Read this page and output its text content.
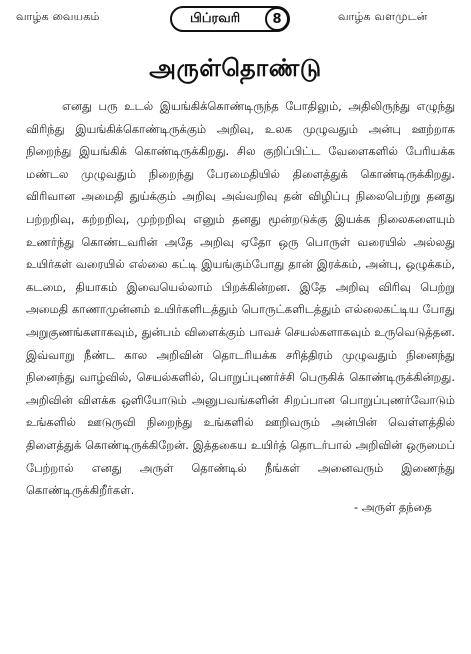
வாழ்க வையகம்	பிப்ரவரி	8	வாழ்க வளமுடன்
அருள்தொண்டு
எனது பரு உடல் இயங்கிக்கொண்டிருந்த போதிலும், அதிலிருந்து எழுந்து விரிந்து இயங்கிக்கொண்டிருக்கும் அறிவு, உலக முழுவதும் அன்பு ஊற்றாக நிறைந்து இயங்கிக் கொண்டிருக்கிறது. சில குறிப்பிட்ட வேளைகளில் பேரியக்க மண்டல முழுவதும் நிறைந்து பேரமைதியில் திளைத்துக் கொண்டிருக்கிறது. விரிவான அமைதி துய்க்கும் அறிவு அவ்வறிவு தன் விழிப்பு நிலைபெற்று தனது பற்றறிவு, கற்றறிவு, முற்றறிவு எனும் தனது மூன்றடுக்கு இயக்க நிலைகளையும் உணர்ந்து கொண்டவரின் அதே அறிவு ஏதோ ஒரு பொருள் வரையில் அல்லது உயிர்கள் வரையில் எல்லை கட்டி இயங்கும்போது தான் இரக்கம், அன்பு, ஒழுக்கம், கடமை, தியாகம் இவையெல்லாம் பிறக்கின்றன. இதே அறிவு விரிவு பெற்று அமைதி காணாமுன்னம் உயிர்களிடத்தும் பொருட்களிடத்தும் எல்லைகட்டிய போது அறுகுணங்களாகவும், துன்பம் விளைக்கும் பாவச் செயல்களாகவும் உருவெடுத்தன. இவ்வாறு நீண்ட கால அறிவின் தொடரியக்க சரித்திரம் முழுவதும் நினைந்து நினைந்து வாழ்வில், செயல்களில், பொறுப்புணர்ச்சி பெருகிக் கொண்டிருக்கின்றது. அறிவின் விளக்க ஒளியோடும் அனுபவங்களின் சிறப்பான பொறுப்புணர்வோடும் உங்களில் ஊடுருவி நிறைந்து உங்களில் ஊறிவரும் அன்பின் வெள்ளத்தில் திளைத்துக் கொண்டிருக்கிறேன். இத்தகைய உயிர்த் தொடர்பால் அறிவின் ஒருமைப் பேற்றால் எனது அருள் தொண்டில் நீங்கள் அனைவரும் இணைந்து கொண்டிருக்கிறீர்கள்.
- அருள் தந்தை
